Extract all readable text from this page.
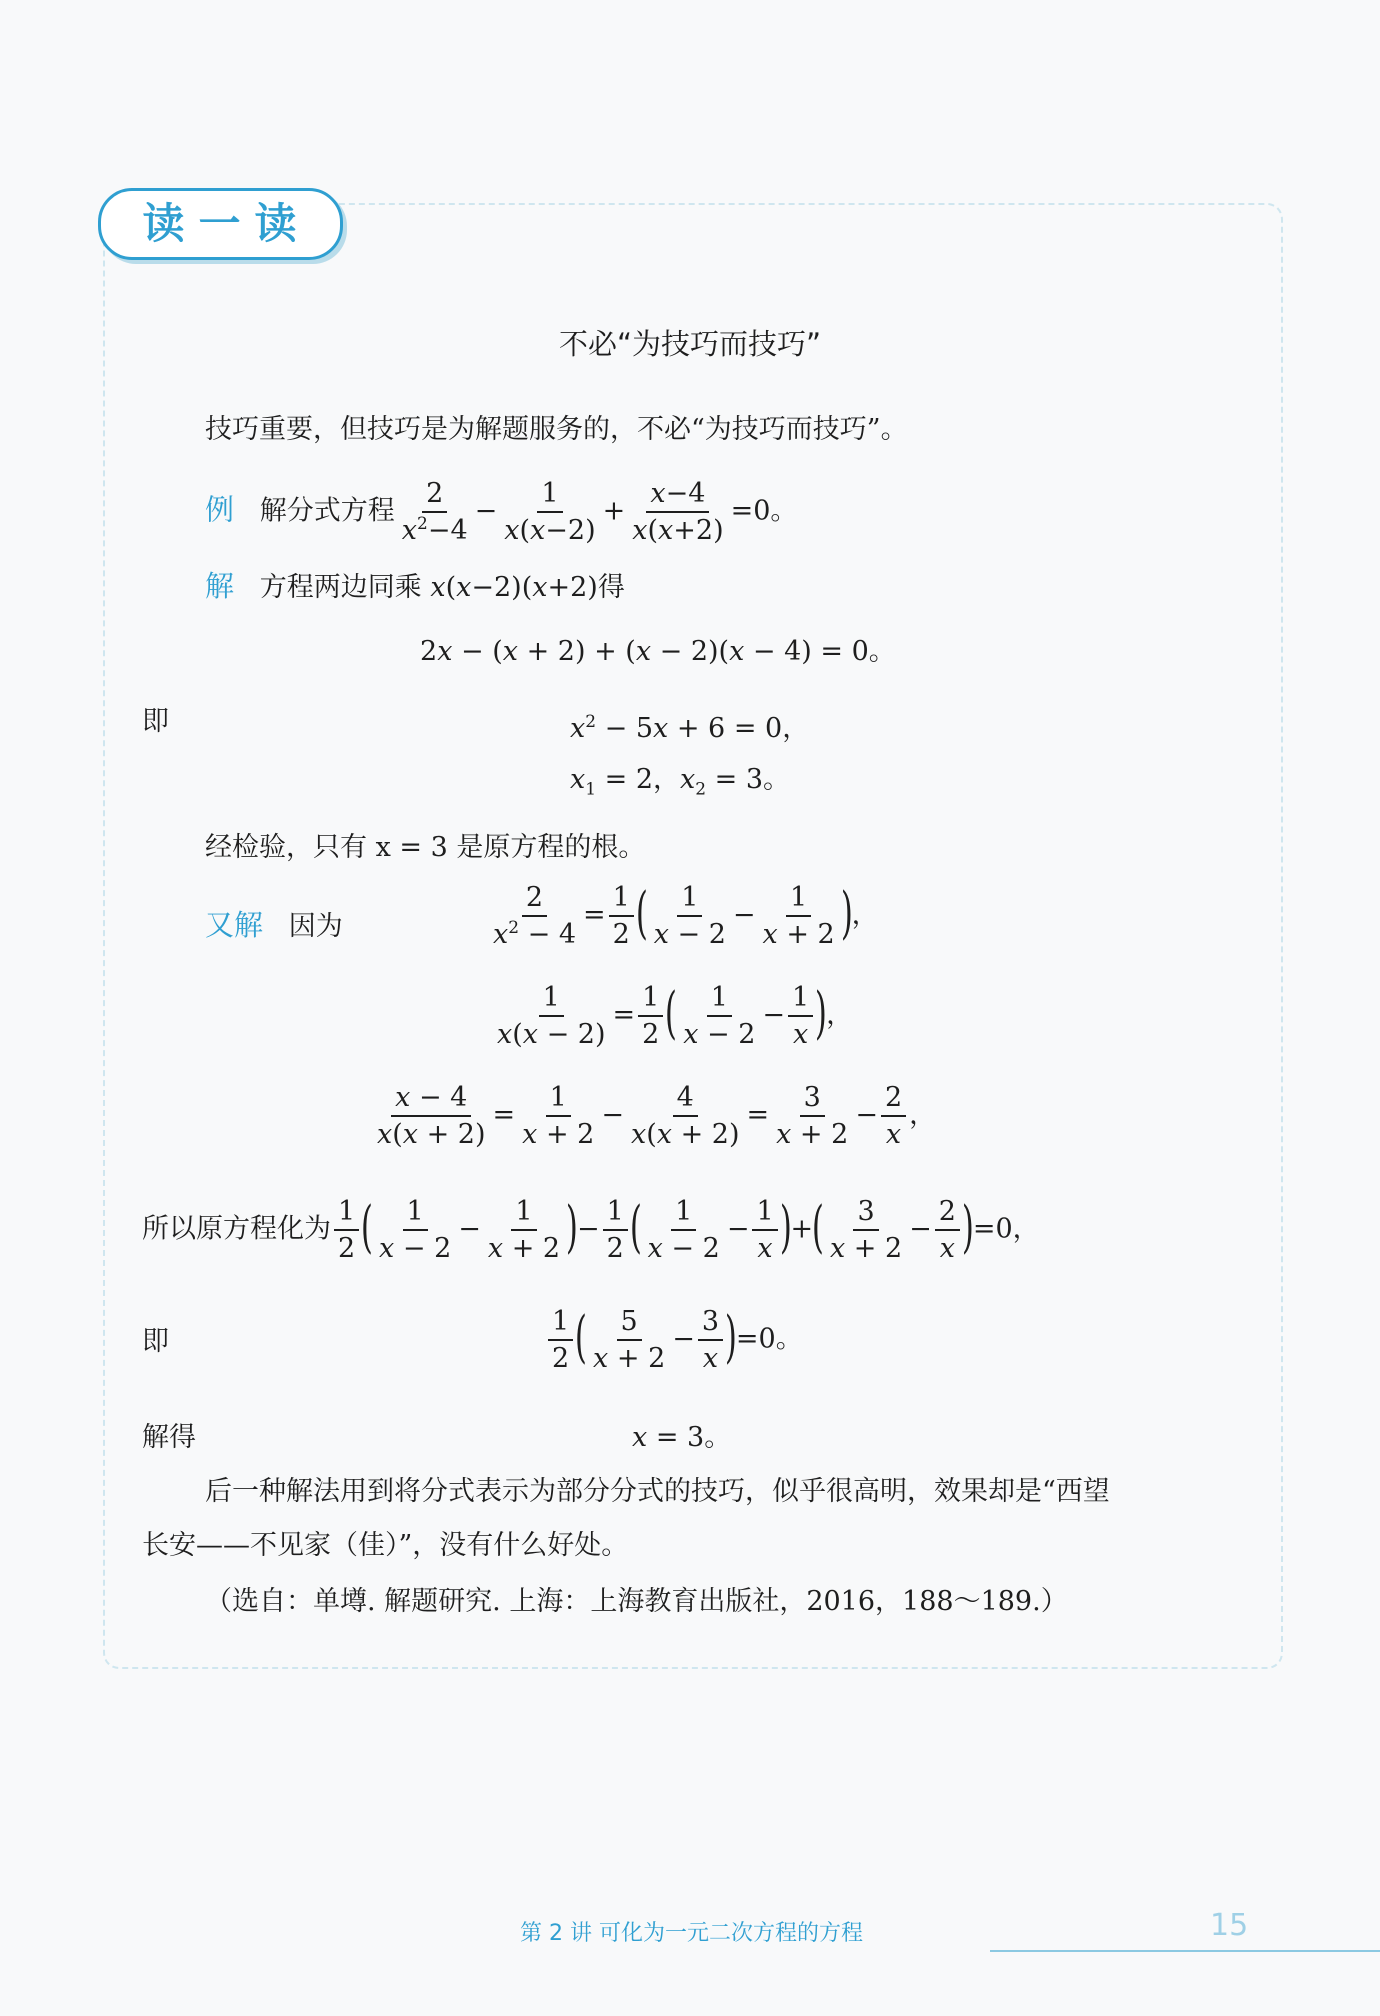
读一读
不必“为技巧而技巧”
技巧重要，但技巧是为解题服务的，不必“为技巧而技巧”。
例 解分式方程 $\frac{2}{x^2-4} - \frac{1}{x(x-2)} + \frac{x-4}{x(x+2)} =0$。
解 方程两边同乘 x(x−2)(x+2)得
2x − (x + 2) + (x − 2)(x − 4) = 0。
即	$x^2 - 5x + 6 = 0$，
$x_1 = 2$，$x_2 = 3$。
经检验，只有 x = 3 是原方程的根。
又解 因为	$\frac{2}{x^2 - 4} = \frac{1}{2}$ ( $\frac{1}{x - 2} - \frac{1}{x + 2}$ )，
$\frac{1}{x(x - 2)} = \frac{1}{2}$ ( $\frac{1}{x - 2} - \frac{1}{x}$ )，
$\frac{x - 4}{x(x + 2)} = \frac{1}{x + 2} - \frac{4}{x(x + 2)} = \frac{3}{x + 2} - \frac{2}{x}$ ，
所以原方程化为 $\frac{1}{2}$ ( $\frac{1}{x - 2} - \frac{1}{x + 2}$ )− $\frac{1}{2}$ ( $\frac{1}{x - 2} - \frac{1}{x}$ )+( $\frac{3}{x + 2} - \frac{2}{x} )=0$，
即	$\frac{1}{2}$ ( $\frac{5}{x + 2} - \frac{3}{x} )=0$。
解得	x = 3。
后一种解法用到将分式表示为部分分式的技巧，似乎很高明，效果却是“西望
长安——不见家（佳）”，没有什么好处。
（选自：单墫. 解题研究. 上海：上海教育出版社，2016，188～189.）
第 2 讲 可化为一元二次方程的方程	15
